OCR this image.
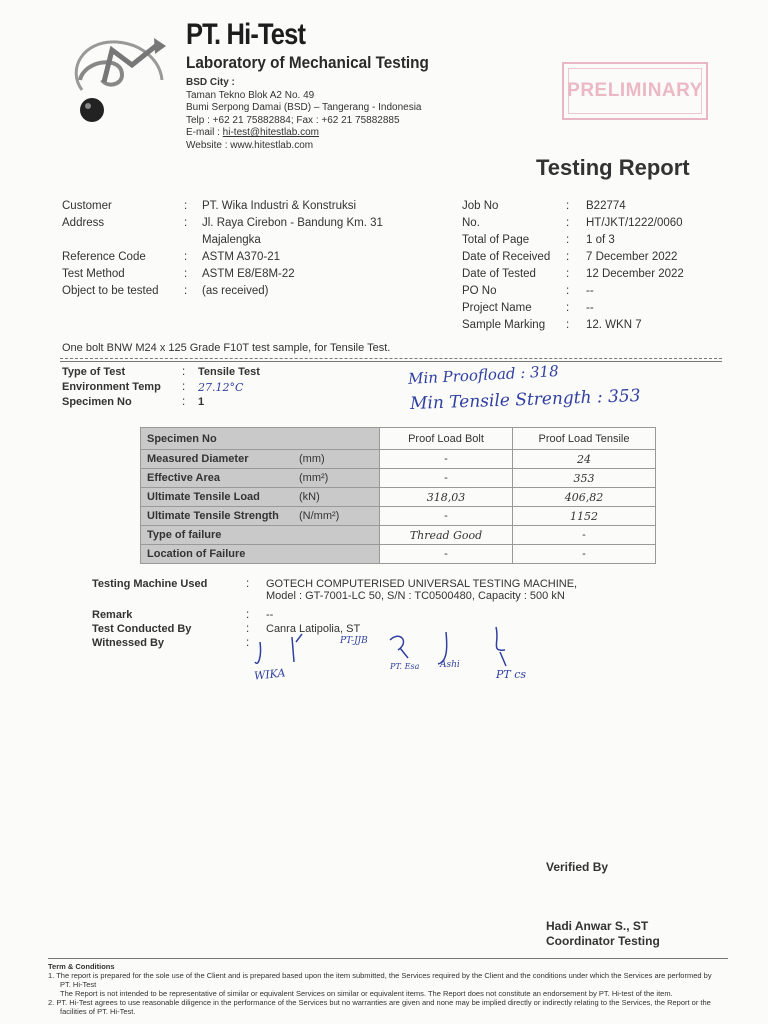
PT. Hi-Test
Laboratory of Mechanical Testing
BSD City :
Taman Tekno Blok A2 No. 49
Bumi Serpong Damai (BSD) – Tangerang - Indonesia
Telp : +62 21 75882884; Fax : +62 21 75882885
E-mail : hi-test@hitestlab.com
Website : www.hitestlab.com
PRELIMINARY
Testing Report
Customer	:	PT. Wika Industri & Konstruksi
Address	:	Jl. Raya Cirebon - Bandung Km. 31
Majalengka
Reference Code	:	ASTM A370-21
Test Method	:	ASTM E8/E8M-22
Object to be tested	:	(as received)
Job No	:	B22774
No.	:	HT/JKT/1222/0060
Total of Page	:	1 of 3
Date of Received	:	7 December 2022
Date of Tested	:	12 December 2022
PO No	:	--
Project Name	:	--
Sample Marking	:	12. WKN 7
One bolt BNW M24 x 125 Grade F10T test sample, for Tensile Test.
Type of Test	:	Tensile Test
Environment Temp	:	27.12°C
Specimen No	:	1
Min Proofload : 318
Min Tensile Strength : 353
Specimen No		Proof Load Bolt	Proof Load Tensile
Measured Diameter	(mm)	-	24
Effective Area	(mm²)	-	353
Ultimate Tensile Load	(kN)	318,03	406,82
Ultimate Tensile Strength	(N/mm²)	-	1152
Type of failure		Thread Good	-
Location of Failure		-	-
Testing Machine Used	:	GOTECH COMPUTERISED UNIVERSAL TESTING MACHINE,
Model : GT-7001-LC 50, S/N : TC0500480, Capacity : 500 kN
Remark	:	--
Test Conducted By	:	Canra Latipolia, ST
Witnessed By	:
WIKA
PT-JJB
PT. Esa Ashi
PT cs
Verified By
Hadi Anwar S., ST
Coordinator Testing
Term & Conditions
1. The report is prepared for the sole use of the Client and is prepared based upon the item submitted, the Services required by the Client and the conditions under which the Services are performed by
PT. Hi-Test
The Report is not intended to be representative of similar or equivalent Services on similar or equivalent items. The Report does not constitute an endorsement by PT. Hi-test of the item.
2. PT. Hi-Test agrees to use reasonable diligence in the performance of the Services but no warranties are given and none may be implied directly or indirectly relating to the Services, the Report or the
facilities of PT. Hi-Test.
